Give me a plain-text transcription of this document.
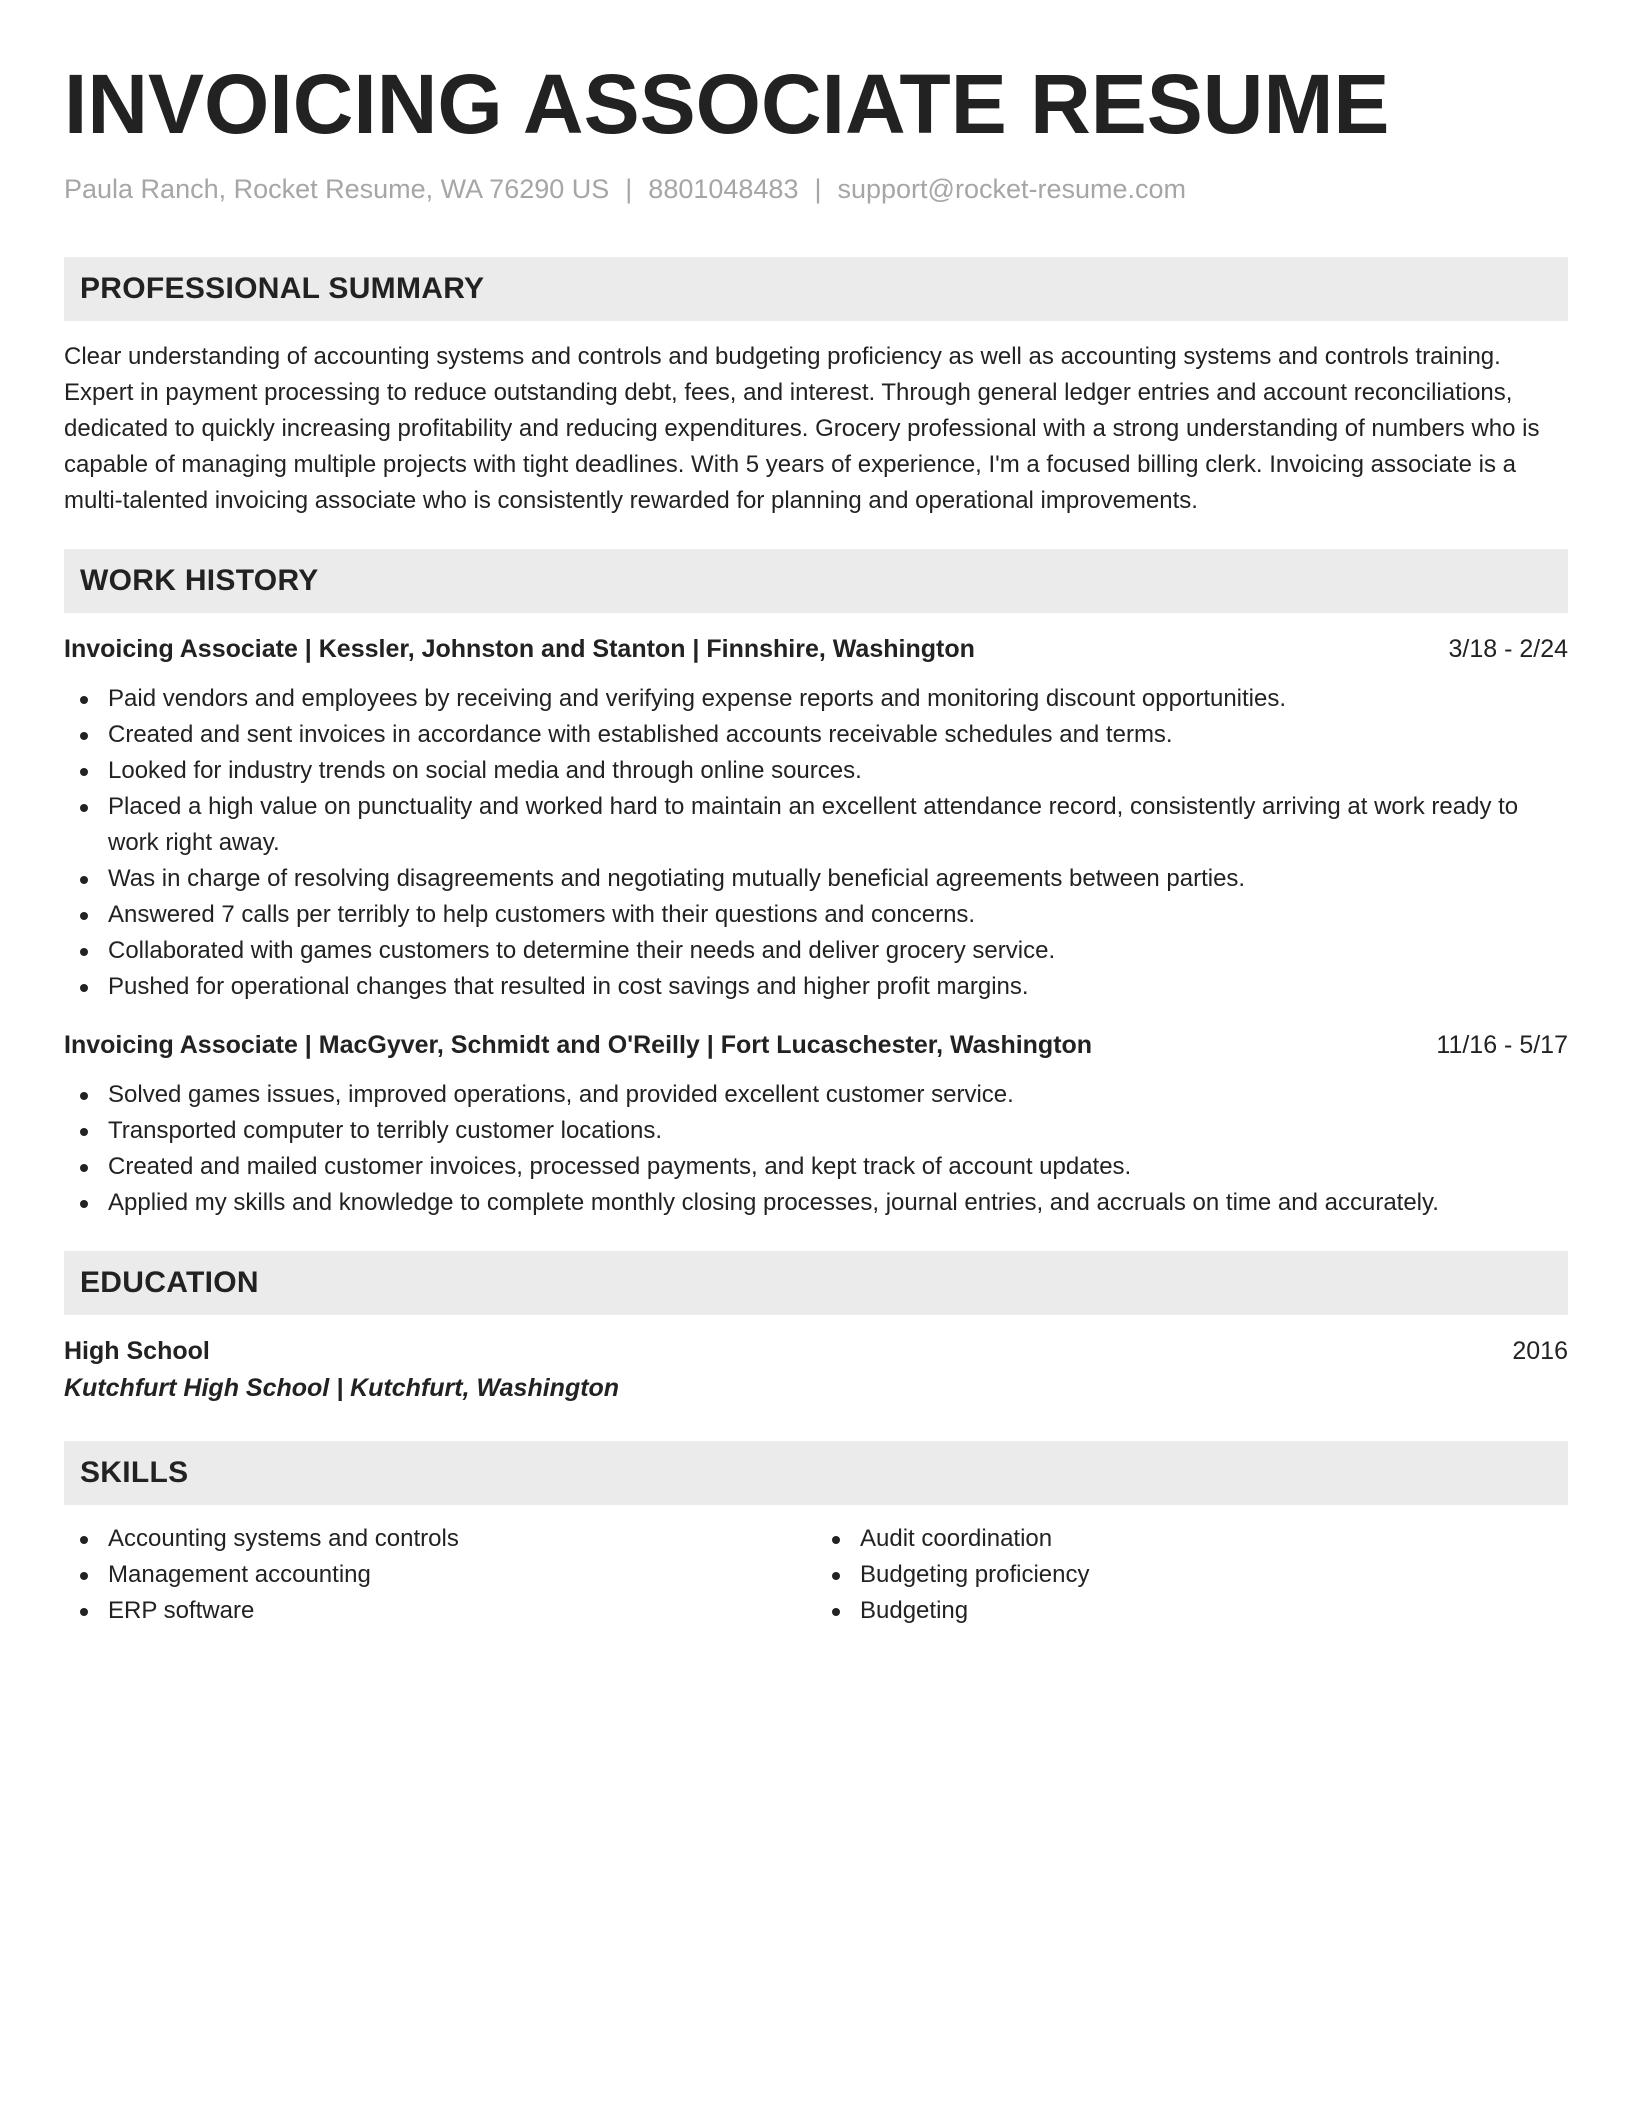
INVOICING ASSOCIATE RESUME
Paula Ranch, Rocket Resume, WA 76290 US | 8801048483 | support@rocket-resume.com
PROFESSIONAL SUMMARY

Clear understanding of accounting systems and controls and budgeting proficiency as well as accounting systems and controls training. Expert in payment processing to reduce outstanding debt, fees, and interest. Through general ledger entries and account reconciliations, dedicated to quickly increasing profitability and reducing expenditures. Grocery professional with a strong understanding of numbers who is capable of managing multiple projects with tight deadlines. With 5 years of experience, I'm a focused billing clerk. Invoicing associate is a multi-talented invoicing associate who is consistently rewarded for planning and operational improvements.

WORK HISTORY
Invoicing Associate | Kessler, Johnston and Stanton | Finnshire, Washington	3/18 - 2/24
Paid vendors and employees by receiving and verifying expense reports and monitoring discount opportunities.
Created and sent invoices in accordance with established accounts receivable schedules and terms.
Looked for industry trends on social media and through online sources.
Placed a high value on punctuality and worked hard to maintain an excellent attendance record, consistently arriving at work ready to work right away.
Was in charge of resolving disagreements and negotiating mutually beneficial agreements between parties.
Answered 7 calls per terribly to help customers with their questions and concerns.
Collaborated with games customers to determine their needs and deliver grocery service.
Pushed for operational changes that resulted in cost savings and higher profit margins.
Invoicing Associate | MacGyver, Schmidt and O'Reilly | Fort Lucaschester, Washington	11/16 - 5/17
Solved games issues, improved operations, and provided excellent customer service.
Transported computer to terribly customer locations.
Created and mailed customer invoices, processed payments, and kept track of account updates.
Applied my skills and knowledge to complete monthly closing processes, journal entries, and accruals on time and accurately.
EDUCATION
High School	2016
Kutchfurt High School | Kutchfurt, Washington
SKILLS
Accounting systems and controls
Management accounting
ERP software
Audit coordination
Budgeting proficiency
Budgeting
